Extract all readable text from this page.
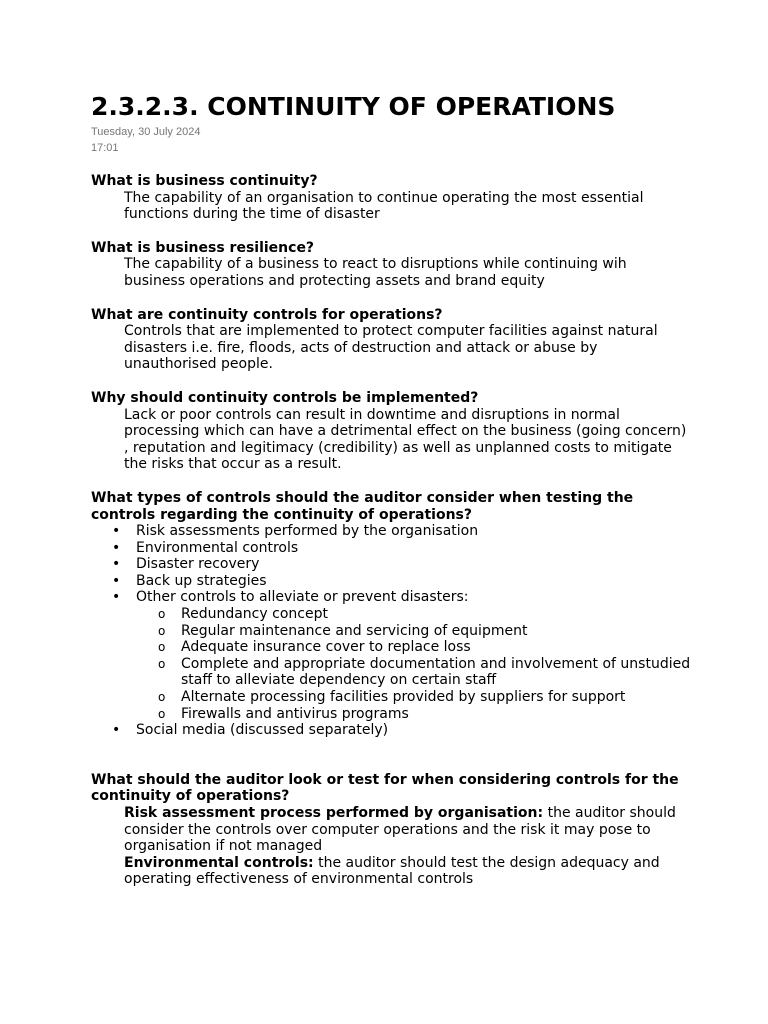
2.3.2.3. CONTINUITY OF OPERATIONS
Tuesday, 30 July 2024
17:01
What is business continuity?
The capability of an organisation to continue operating the most essential functions during the time of disaster
What is business resilience?
The capability of a business to react to disruptions while continuing wih business operations and protecting assets and brand equity
What are continuity controls for operations?
Controls that are implemented to protect computer facilities against natural disasters i.e. fire, floods, acts of destruction and attack or abuse by unauthorised people.
Why should continuity controls be implemented?
Lack or poor controls can result in downtime and disruptions in normal processing which can have a detrimental effect on the business (going concern) , reputation and legitimacy (credibility) as well as unplanned costs to mitigate the risks that occur as a result.
What types of controls should the auditor consider when testing the controls regarding the continuity of operations?
• Risk assessments performed by the organisation
• Environmental controls
• Disaster recovery
• Back up strategies
• Other controls to alleviate or prevent disasters:
o Redundancy concept
o Regular maintenance and servicing of equipment
o Adequate insurance cover to replace loss
o Complete and appropriate documentation and involvement of unstudied staff to alleviate dependency on certain staff
o Alternate processing facilities provided by suppliers for support
o Firewalls and antivirus programs
• Social media (discussed separately)
What should the auditor look or test for when considering controls for the continuity of operations?
Risk assessment process performed by organisation: the auditor should consider the controls over computer operations and the risk it may pose to organisation if not managed
Environmental controls: the auditor should test the design adequacy and operating effectiveness of environmental controls
